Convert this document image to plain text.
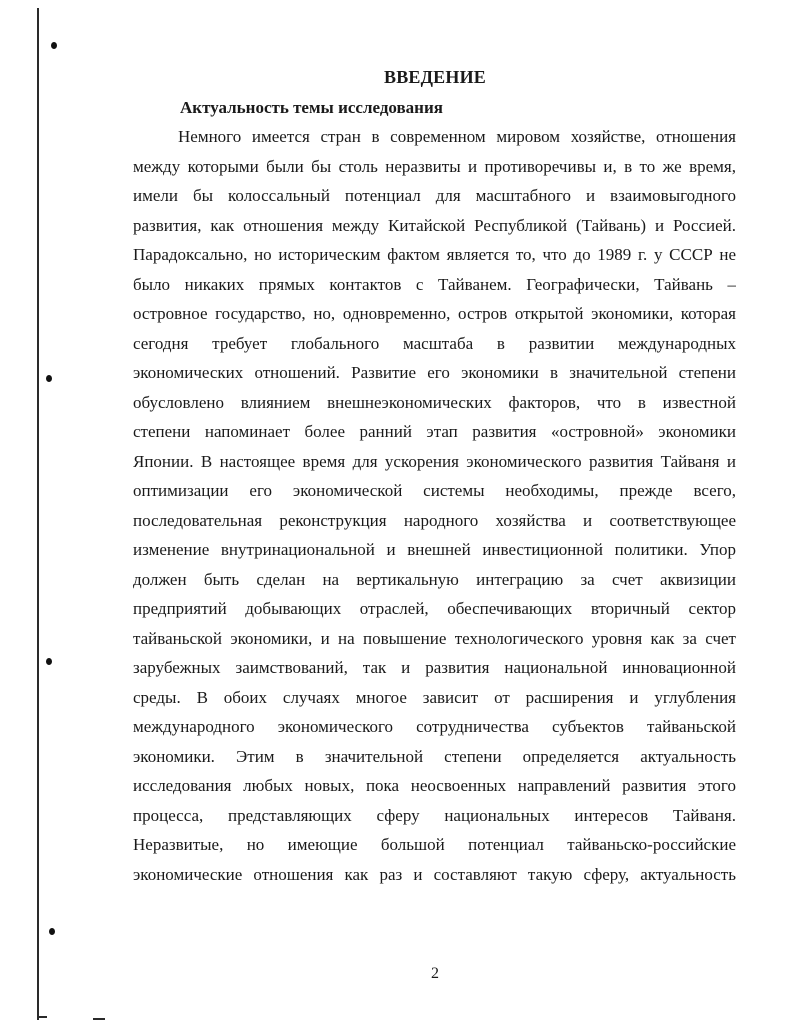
ВВЕДЕНИЕ
Актуальность темы исследования
Немного имеется стран в современном мировом хозяйстве, отношения
между которыми были бы столь неразвиты и противоречивы и, в то же время,
имели бы колоссальный потенциал для масштабного и взаимовыгодного
развития, как отношения между Китайской Республикой (Тайвань) и Россией.
Парадоксально, но историческим фактом является то, что до 1989 г. у СССР не
было никаких прямых контактов с Тайванем. Географически, Тайвань –
островное государство, но, одновременно, остров открытой экономики, которая
сегодня требует глобального масштаба в развитии международных
экономических отношений. Развитие его экономики в значительной степени
обусловлено влиянием внешнеэкономических факторов, что в известной
степени напоминает более ранний этап развития «островной» экономики
Японии. В настоящее время для ускорения экономического развития Тайваня и
оптимизации его экономической системы необходимы, прежде всего,
последовательная реконструкция народного хозяйства и соответствующее
изменение внутринациональной и внешней инвестиционной политики. Упор
должен быть сделан на вертикальную интеграцию за счет аквизиции
предприятий добывающих отраслей, обеспечивающих вторичный сектор
тайваньской экономики, и на повышение технологического уровня как за счет
зарубежных заимствований, так и развития национальной инновационной
среды. В обоих случаях многое зависит от расширения и углубления
международного экономического сотрудничества субъектов тайваньской
экономики. Этим в значительной степени определяется актуальность
исследования любых новых, пока неосвоенных направлений развития этого
процесса, представляющих сферу национальных интересов Тайваня.
Неразвитые, но имеющие большой потенциал тайваньско-российские
экономические отношения как раз и составляют такую сферу, актуальность
2
